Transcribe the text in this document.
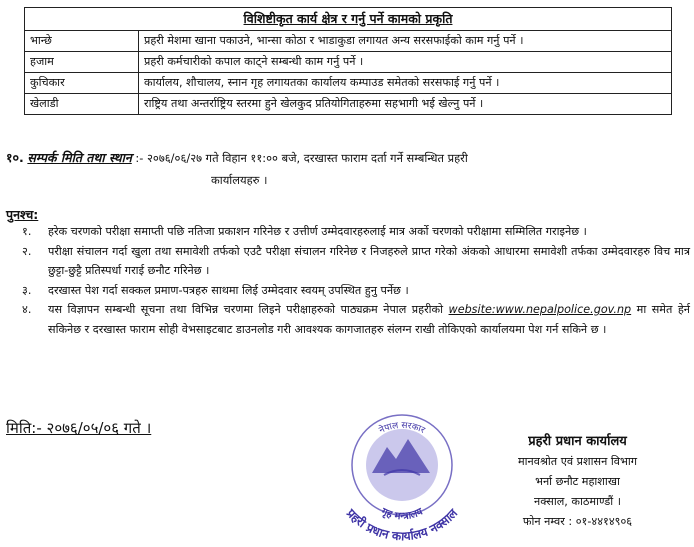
विशिष्टीकृत कार्य क्षेत्र र गर्नु पर्ने कामको प्रकृति	
भान्छे	प्रहरी मेशमा खाना पकाउने, भान्सा कोठा र भाडाकुडा लगायत अन्य सरसफाईको काम गर्नु पर्ने ।
हजाम	प्रहरी कर्मचारीको कपाल काट्ने सम्बन्धी काम गर्नु पर्ने ।
कुचिकार	कार्यालय, शौचालय, स्नान गृह लगायतका कार्यालय कम्पाउड समेतको सरसफाई गर्नु पर्ने ।
खेलाडी	राष्ट्रिय तथा अन्तर्राष्ट्रिय स्तरमा हुने खेलकुद प्रतियोगिताहरुमा सहभागी भई खेल्नु पर्ने ।
१०. सम्पर्क मिति तथा स्थान :- २०७६/०६/२७ गते विहान ११:०० बजे, दरखास्त फाराम दर्ता गर्ने सम्बन्धित प्रहरी
कार्यालयहरु ।
पुनश्च:
१. हरेक चरणको परीक्षा समाप्ती पछि नतिजा प्रकाशन गरिनेछ र उत्तीर्ण उम्मेदवारहरुलाई मात्र अर्को चरणको परीक्षामा सम्मिलित गराइनेछ ।
२. परीक्षा संचालन गर्दा खुला तथा समावेशी तर्फको एउटै परीक्षा संचालन गरिनेछ र निजहरुले प्राप्त गरेको अंकको आधारमा समावेशी तर्फका उम्मेदवारहरु विच मात्र छुट्टा-छुट्टै प्रतिस्पर्धा गराई छनौट गरिनेछ ।
३. दरखास्त पेश गर्दा सक्कल प्रमाण-पत्रहरु साथमा लिई उम्मेदवार स्वयम् उपस्थित हुनु पर्नेछ ।
४. यस विज्ञापन सम्बन्धी सूचना तथा विभिन्न चरणमा लिइने परीक्षाहरुको पाठ्यक्रम नेपाल प्रहरीको website:www.nepalpolice.gov.np मा समेत हेर्न सकिनेछ र दरखास्त फाराम सोही वेभसाइटबाट डाउनलोड गरी आवश्यक कागजातहरु संलग्न राखी तोकिएको कार्यालयमा पेश गर्न सकिने छ ।
मिति:- २०७६/०५/०६ गते ।	नेपाल सरकार
गृह मन्त्रालय
प्रहरी प्रधान कार्यालय नक्साल
प्रहरी प्रधान कार्यालय
मानवश्रोत एवं प्रशासन विभाग
भर्ना छनौट महाशाखा
नक्साल, काठमाण्डौं ।
फोन नम्वर : ०१-४४१४९०६
